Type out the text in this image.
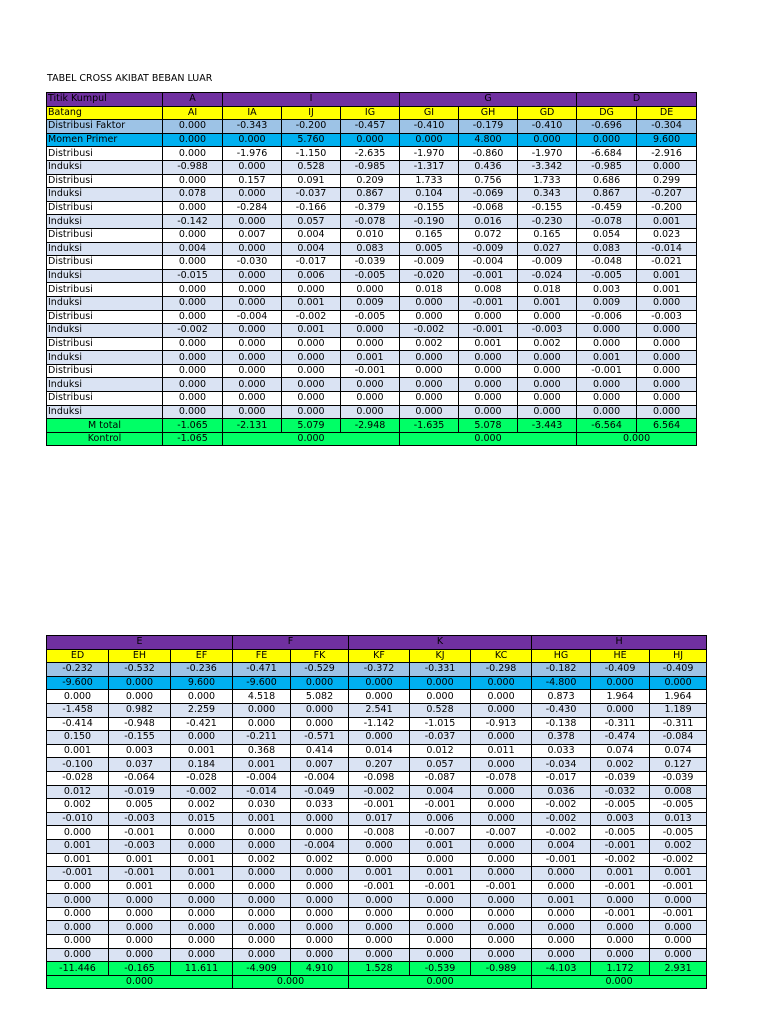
TABEL CROSS AKIBAT BEBAN LUAR
Titik Kumpul	A	I			G			D	
Batang	AI	IA	IJ	IG	GI	GH	GD	DG	DE
Distribusi Faktor	0.000	-0.343	-0.200	-0.457	-0.410	-0.179	-0.410	-0.696	-0.304
Momen Primer	0.000	0.000	5.760	0.000	0.000	4.800	0.000	0.000	9.600
Distribusi	0.000	-1.976	-1.150	-2.635	-1.970	-0.860	-1.970	-6.684	-2.916
Induksi	-0.988	0.000	0.528	-0.985	-1.317	0.436	-3.342	-0.985	0.000
Distribusi	0.000	0.157	0.091	0.209	1.733	0.756	1.733	0.686	0.299
Induksi	0.078	0.000	-0.037	0.867	0.104	-0.069	0.343	0.867	-0.207
Distribusi	0.000	-0.284	-0.166	-0.379	-0.155	-0.068	-0.155	-0.459	-0.200
Induksi	-0.142	0.000	0.057	-0.078	-0.190	0.016	-0.230	-0.078	0.001
Distribusi	0.000	0.007	0.004	0.010	0.165	0.072	0.165	0.054	0.023
Induksi	0.004	0.000	0.004	0.083	0.005	-0.009	0.027	0.083	-0.014
Distribusi	0.000	-0.030	-0.017	-0.039	-0.009	-0.004	-0.009	-0.048	-0.021
Induksi	-0.015	0.000	0.006	-0.005	-0.020	-0.001	-0.024	-0.005	0.001
Distribusi	0.000	0.000	0.000	0.000	0.018	0.008	0.018	0.003	0.001
Induksi	0.000	0.000	0.001	0.009	0.000	-0.001	0.001	0.009	0.000
Distribusi	0.000	-0.004	-0.002	-0.005	0.000	0.000	0.000	-0.006	-0.003
Induksi	-0.002	0.000	0.001	0.000	-0.002	-0.001	-0.003	0.000	0.000
Distribusi	0.000	0.000	0.000	0.000	0.002	0.001	0.002	0.000	0.000
Induksi	0.000	0.000	0.000	0.001	0.000	0.000	0.000	0.001	0.000
Distribusi	0.000	0.000	0.000	-0.001	0.000	0.000	0.000	-0.001	0.000
Induksi	0.000	0.000	0.000	0.000	0.000	0.000	0.000	0.000	0.000
Distribusi	0.000	0.000	0.000	0.000	0.000	0.000	0.000	0.000	0.000
Induksi	0.000	0.000	0.000	0.000	0.000	0.000	0.000	0.000	0.000
M total	-1.065	-2.131	5.079	-2.948	-1.635	5.078	-3.443	-6.564	6.564
Kontrol	-1.065	0.000			0.000			0.000	
E			F		K			H		
ED	EH	EF	FE	FK	KF	KJ	KC	HG	HE	HJ
-0.232	-0.532	-0.236	-0.471	-0.529	-0.372	-0.331	-0.298	-0.182	-0.409	-0.409
-9.600	0.000	9.600	-9.600	0.000	0.000	0.000	0.000	-4.800	0.000	0.000
0.000	0.000	0.000	4.518	5.082	0.000	0.000	0.000	0.873	1.964	1.964
-1.458	0.982	2.259	0.000	0.000	2.541	0.528	0.000	-0.430	0.000	1.189
-0.414	-0.948	-0.421	0.000	0.000	-1.142	-1.015	-0.913	-0.138	-0.311	-0.311
0.150	-0.155	0.000	-0.211	-0.571	0.000	-0.037	0.000	0.378	-0.474	-0.084
0.001	0.003	0.001	0.368	0.414	0.014	0.012	0.011	0.033	0.074	0.074
-0.100	0.037	0.184	0.001	0.007	0.207	0.057	0.000	-0.034	0.002	0.127
-0.028	-0.064	-0.028	-0.004	-0.004	-0.098	-0.087	-0.078	-0.017	-0.039	-0.039
0.012	-0.019	-0.002	-0.014	-0.049	-0.002	0.004	0.000	0.036	-0.032	0.008
0.002	0.005	0.002	0.030	0.033	-0.001	-0.001	0.000	-0.002	-0.005	-0.005
-0.010	-0.003	0.015	0.001	0.000	0.017	0.006	0.000	-0.002	0.003	0.013
0.000	-0.001	0.000	0.000	0.000	-0.008	-0.007	-0.007	-0.002	-0.005	-0.005
0.001	-0.003	0.000	0.000	-0.004	0.000	0.001	0.000	0.004	-0.001	0.002
0.001	0.001	0.001	0.002	0.002	0.000	0.000	0.000	-0.001	-0.002	-0.002
-0.001	-0.001	0.001	0.000	0.000	0.001	0.001	0.000	0.000	0.001	0.001
0.000	0.001	0.000	0.000	0.000	-0.001	-0.001	-0.001	0.000	-0.001	-0.001
0.000	0.000	0.000	0.000	0.000	0.000	0.000	0.000	0.001	0.000	0.000
0.000	0.000	0.000	0.000	0.000	0.000	0.000	0.000	0.000	-0.001	-0.001
0.000	0.000	0.000	0.000	0.000	0.000	0.000	0.000	0.000	0.000	0.000
0.000	0.000	0.000	0.000	0.000	0.000	0.000	0.000	0.000	0.000	0.000
0.000	0.000	0.000	0.000	0.000	0.000	0.000	0.000	0.000	0.000	0.000
-11.446	-0.165	11.611	-4.909	4.910	1.528	-0.539	-0.989	-4.103	1.172	2.931
0.000			0.000		0.000			0.000		
